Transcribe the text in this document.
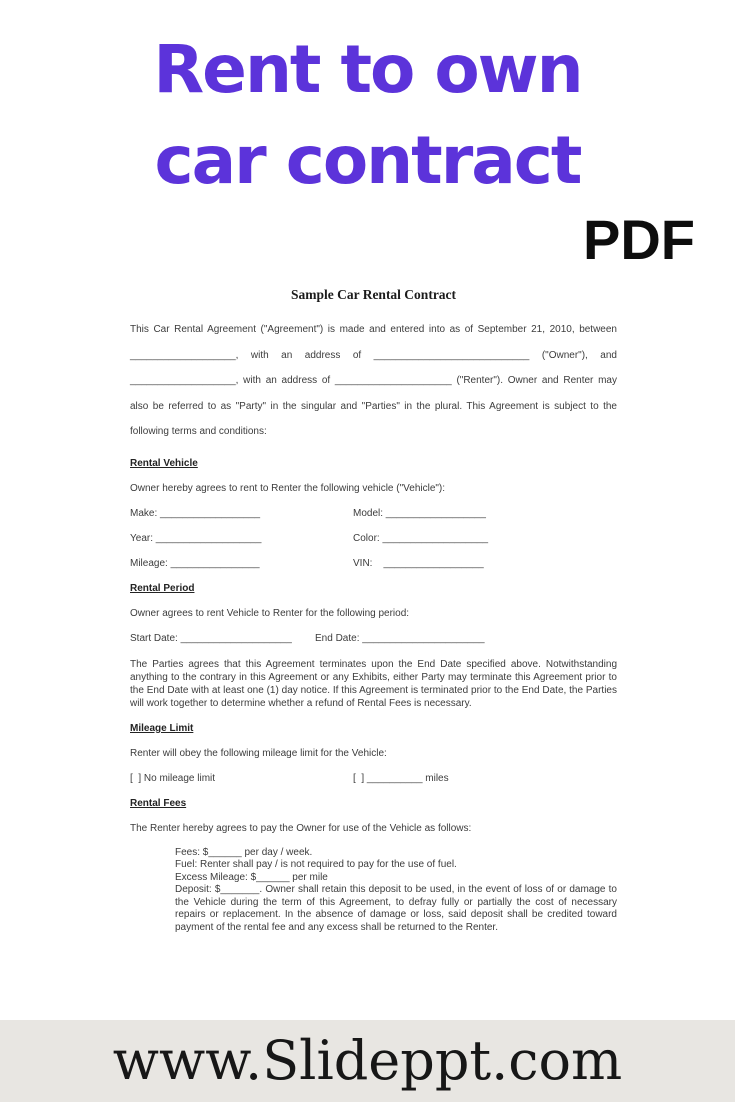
Rent to own
car contract
PDF
Sample Car Rental Contract

This Car Rental Agreement ("Agreement") is made and entered into as of September 21, 2010, between ___________________, with an address of ____________________________ ("Owner"), and ___________________, with an address of _____________________ ("Renter"). Owner and Renter may also be referred to as "Party" in the singular and "Parties" in the plural. This Agreement is subject to the following terms and conditions:

Rental Vehicle

Owner hereby agrees to rent to Renter the following vehicle ("Vehicle"):

Make: __________________	Model: __________________
Year: ___________________	Color: ___________________
Mileage: ________________	VIN:    __________________
Rental Period

Owner agrees to rent Vehicle to Renter for the following period:

Start Date: ____________________	End Date: ______________________

The Parties agrees that this Agreement terminates upon the End Date specified above. Notwithstanding anything to the contrary in this Agreement or any Exhibits, either Party may terminate this Agreement prior to the End Date with at least one (1) day notice. If this Agreement is terminated prior to the End Date, the Parties will work together to determine whether a refund of Rental Fees is necessary.

Mileage Limit

Renter will obey the following mileage limit for the Vehicle:

[  ] No mileage limit	[  ] __________ miles
Rental Fees

The Renter hereby agrees to pay the Owner for use of the Vehicle as follows:

Fees: $______ per day / week.
Fuel: Renter shall pay / is not required to pay for the use of fuel.
Excess Mileage: $______ per mile
Deposit: $_______. Owner shall retain this deposit to be used, in the event of loss of or damage to the Vehicle during the term of this Agreement, to defray fully or partially the cost of necessary repairs or replacement. In the absence of damage or loss, said deposit shall be credited toward payment of the rental fee and any excess shall be returned to the Renter.
www.Slideppt.com
